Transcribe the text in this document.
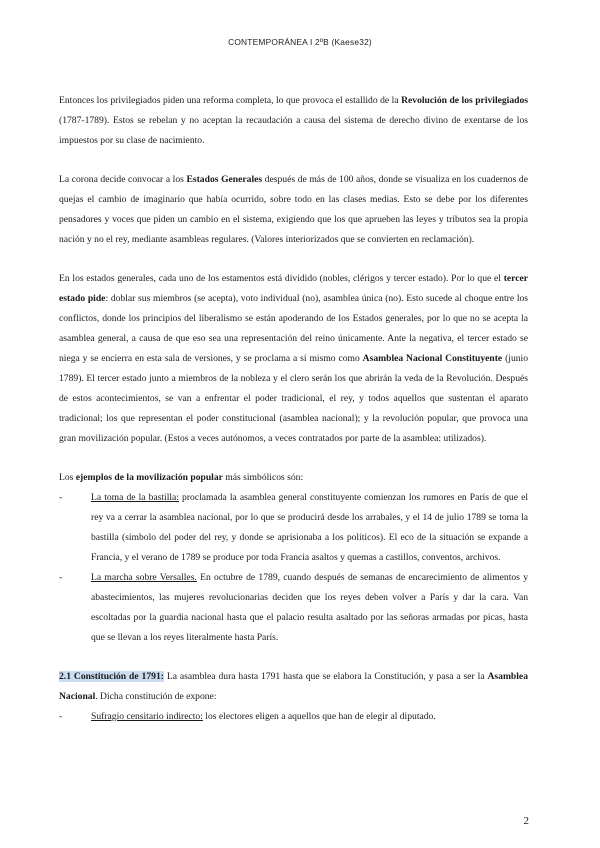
CONTEMPORÁNEA I 2ºB (Kaese32)

Entonces los privilegiados piden una reforma completa, lo que provoca el estallido de la Revolución de los privilegiados (1787-1789). Estos se rebelan y no aceptan la recaudación a causa del sistema de derecho divino de exentarse de los impuestos por su clase de nacimiento.

La corona decide convocar a los Estados Generales después de más de 100 años, donde se visualiza en los cuadernos de quejas el cambio de imaginario que había ocurrido, sobre todo en las clases medias. Esto se debe por los diferentes pensadores y voces que piden un cambio en el sistema, exigiendo que los que aprueben las leyes y tributos sea la propia nación y no el rey, mediante asambleas regulares. (Valores interiorizados que se convierten en reclamación).

En los estados generales, cada uno de los estamentos está dividido (nobles, clérigos y tercer estado). Por lo que el tercer estado pide: doblar sus miembros (se acepta), voto individual (no), asamblea única (no). Esto sucede al choque entre los conflictos, donde los principios del liberalismo se están apoderando de los Estados generales, por lo que no se acepta la asamblea general, a causa de que eso sea una representación del reino únicamente. Ante la negativa, el tercer estado se niega y se encierra en esta sala de versiones, y se proclama a sí mismo como Asamblea Nacional Constituyente (junio 1789). El tercer estado junto a miembros de la nobleza y el clero serán los que abrirán la veda de la Revolución. Después de estos acontecimientos, se van a enfrentar el poder tradicional, el rey, y todos aquellos que sustentan el aparato tradicional; los que representan el poder constitucional (asamblea nacional); y la revolución popular, que provoca una gran movilización popular. (Estos a veces autónomos, a veces contratados por parte de la asamblea: utilizados).

Los ejemplos de la movilización popular más simbólicos són:

-	La toma de la bastilla: proclamada la asamblea general constituyente comienzan los rumores en París de que el rey va a cerrar la asamblea nacional, por lo que se producirá desde los arrabales, y el 14 de julio 1789 se toma la bastilla (símbolo del poder del rey, y donde se aprisionaba a los políticos). El eco de la situación se expande a Francia, y el verano de 1789 se produce por toda Francia asaltos y quemas a castillos, conventos, archivos.

-	La marcha sobre Versalles. En octubre de 1789, cuando después de semanas de encarecimiento de alimentos y abastecimientos, las mujeres revolucionarias deciden que los reyes deben volver a París y dar la cara. Van escoltadas por la guardia nacional hasta que el palacio resulta asaltado por las señoras armadas por picas, hasta que se llevan a los reyes literalmente hasta París.

2.1 Constitución de 1791: La asamblea dura hasta 1791 hasta que se elabora la Constitución, y pasa a ser la Asamblea Nacional. Dicha constitución de expone:

-	Sufragio censitario indirecto: los electores eligen a aquellos que han de elegir al diputado.

2
